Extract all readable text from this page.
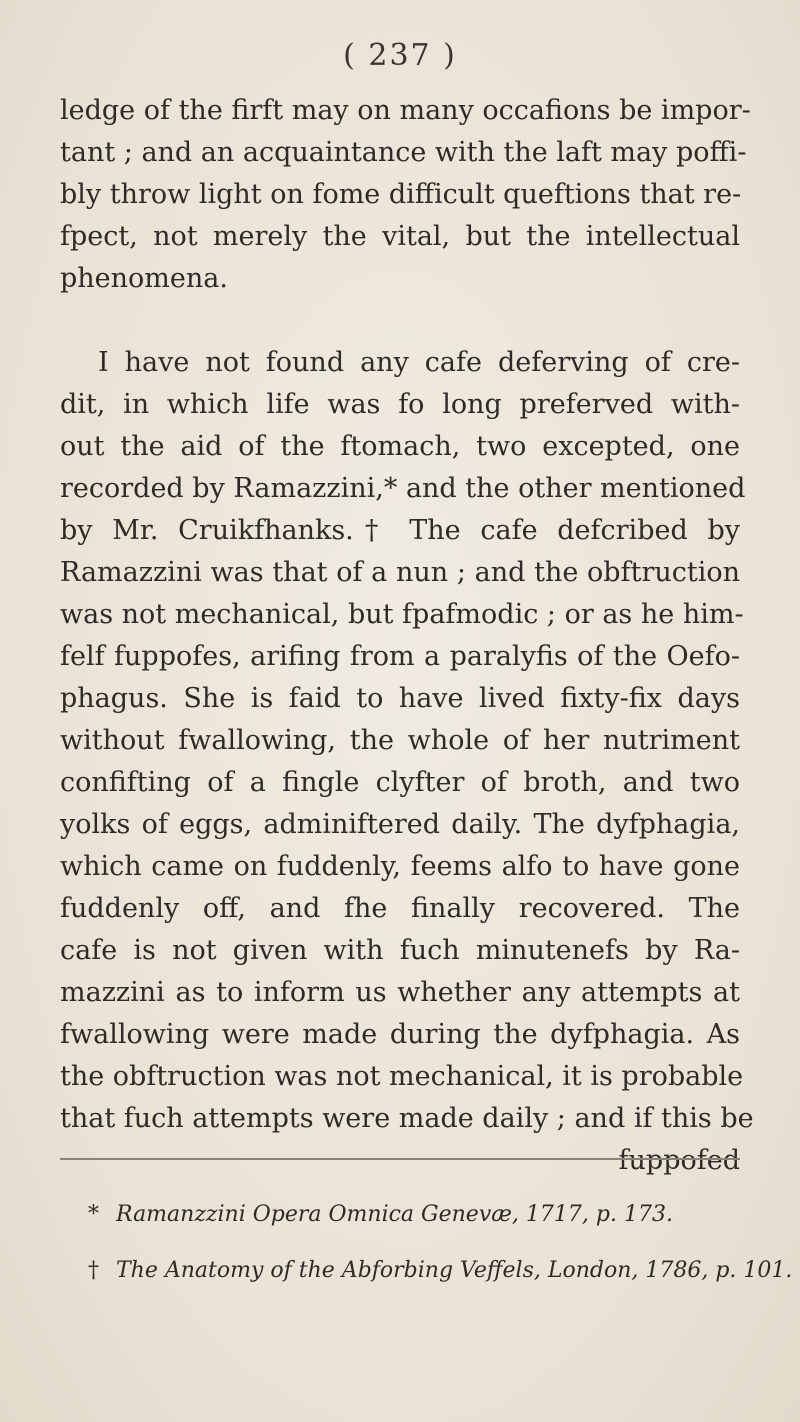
( 237 )
ledge of the firft may on many occafions be impor-
tant ; and an acquaintance with the laft may poffi-
bly throw light on fome difficult queftions that re-
fpect, not merely the vital, but the intellectual
phenomena.
I have not found any cafe deferving of cre-
dit, in which life was fo long preferved with-
out the aid of the ftomach, two excepted, one
recorded by Ramazzini,* and the other mentioned
by Mr. Cruikfhanks.† The cafe defcribed by
Ramazzini was that of a nun ; and the obftruction
was not mechanical, but fpafmodic ; or as he him-
felf fuppofes, arifing from a paralyfis of the Oefo-
phagus. She is faid to have lived fixty-fix days
without fwallowing, the whole of her nutriment
confifting of a fingle clyfter of broth, and two
yolks of eggs, adminiftered daily. The dyfphagia,
which came on fuddenly, feems alfo to have gone
fuddenly off, and fhe finally recovered. The
cafe is not given with fuch minutenefs by Ra-
mazzini as to inform us whether any attempts at
fwallowing were made during the dyfphagia. As
the obftruction was not mechanical, it is probable
that fuch attempts were made daily ; and if this be
fuppofed
* Ramanzzini Opera Omnica Genevæ, 1717, p. 173.
† The Anatomy of the Abforbing Veffels, London, 1786, p. 101.
